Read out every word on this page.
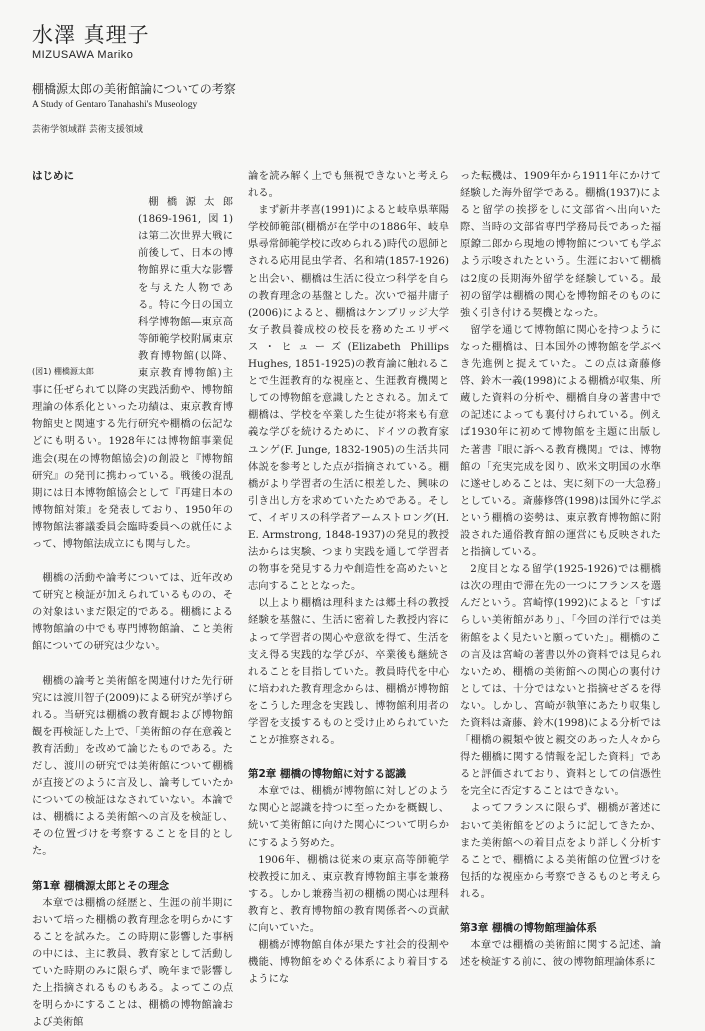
水澤 真理子

MIZUSAWA Mariko

棚橋源太郎の美術館論についての考察

A Study of Gentaro Tanahashi's Museology

芸術学領域群 芸術支援領域

はじめに
(図1) 棚橋源太郎

棚橋源太郎(1869-1961, 図1)は第二次世界大戦に前後して、日本の博物館界に重大な影響を与えた人物である。特に今日の国立科学博物館―東京高等師範学校附属東京教育博物館(以降、東京教育博物館)主事に任ぜられて以降の実践活動や、博物館理論の体系化といった功績は、東京教育博物館史と関連する先行研究や棚橋の伝記などにも明るい。1928年には博物館事業促進会(現在の博物館協会)の創設と『博物館研究』の発刊に携わっている。戦後の混乱期には日本博物館協会として『再建日本の博物館対策』を発表しており、1950年の博物館法審議委員会臨時委員への就任によって、博物館法成立にも関与した。

棚橋の活動や論考については、近年改めて研究と検証が加えられているものの、その対象はいまだ限定的である。棚橋による博物館論の中でも専門博物館論、こと美術館についての研究は少ない。

棚橋の論考と美術館を関連付けた先行研究には渡川智子(2009)による研究が挙げられる。当研究は棚橋の教育観および博物館観を再検証した上で、「美術館の存在意義と教育活動」を改めて論じたものである。ただし、渡川の研究では美術館について棚橋が直接どのように言及し、論考していたかについての検証はなされていない。本論では、棚橋による美術館への言及を検証し、その位置づけを考察することを目的とした。

第1章 棚橋源太郎とその理念

本章では棚橋の経歴と、生涯の前半期において培った棚橋の教育理念を明らかにすることを試みた。この時期に影響した事柄の中には、主に教員、教育家として活動していた時期のみに限らず、晩年まで影響した上指摘されるものもある。よってこの点を明らかにすることは、棚橋の博物館論および美術館

論を読み解く上でも無視できないと考えられる。

まず新井孝喜(1991)によると岐阜県華陽学校師範部(棚橋が在学中の1886年、岐阜県尋常師範学校に改められる)時代の恩師とされる応用昆虫学者、名和靖(1857-1926)と出会い、棚橋は生活に役立つ科学を自らの教育理念の基盤とした。次いで福井庸子(2006)によると、棚橋はケンブリッジ大学女子教員養成校の校長を務めたエリザベス・ヒューズ(Elizabeth Phillips Hughes, 1851-1925)の教育論に触れることで生涯教育的な視座と、生涯教育機関としての博物館を意識したとされる。加えて棚橋は、学校を卒業した生徒が将来も有意義な学びを続けるために、ドイツの教育家ユンゲ(F. Junge, 1832-1905)の生活共同体説を参考とした点が指摘されている。棚橋がより学習者の生活に根差した、興味の引き出し方を求めていたためである。そして、イギリスの科学者アームストロング(H. E. Armstrong, 1848-1937)の発見的教授法からは実験、つまり実践を通して学習者の物事を発見する力や創造性を高めたいと志向することとなった。

以上より棚橋は理科または郷土科の教授経験を基盤に、生活に密着した教授内容によって学習者の関心や意欲を得て、生活を支え得る実践的な学びが、卒業後も継続されることを目指していた。教員時代を中心に培われた教育理念からは、棚橋が博物館をこうした理念を実践し、博物館利用者の学習を支援するものと受け止められていたことが推察される。

第2章 棚橋の博物館に対する認識

本章では、棚橋が博物館に対しどのような関心と認識を持つに至ったかを概観し、続いて美術館に向けた関心について明らかにするよう努めた。

1906年、棚橋は従来の東京高等師範学校教授に加え、東京教育博物館主事を兼務する。しかし兼務当初の棚橋の関心は理科教育と、教育博物館の教育関係者への貢献に向いていた。

棚橋が博物館自体が果たす社会的役割や機能、博物館をめぐる体系により着目するようにな

った転機は、1909年から1911年にかけて経験した海外留学である。棚橋(1937)によると留学の挨拶をしに文部省へ出向いた際、当時の文部省専門学務局長であった福原鐐二郎から現地の博物館についても学ぶよう示唆されたという。生涯において棚橋は2度の長期海外留学を経験している。最初の留学は棚橋の関心を博物館そのものに強く引き付ける契機となった。

留学を通じて博物館に関心を持つようになった棚橋は、日本国外の博物館を学ぶべき先進例と捉えていた。この点は斎藤修啓、鈴木一義(1998)による棚橋が収集、所蔵した資料の分析や、棚橋自身の著書中での記述によっても裏付けられている。例えば1930年に初めて博物館を主題に出版した著書『眼に訴へる教育機関』では、博物館の「充実完成を図り、欧米文明国の水準に遂せしめることは、実に刻下の一大急務」としている。斎藤修啓(1998)は国外に学ぶという棚橋の姿勢は、東京教育博物館に附設された通俗教育館の運営にも反映されたと指摘している。

2度目となる留学(1925-1926)では棚橋は次の理由で滞在先の一つにフランスを選んだという。宮崎惇(1992)によると「すばらしい美術館があり」、「今回の洋行では美術館をよく見たいと願っていた」。棚橋のこの言及は宮崎の著書以外の資料では見られないため、棚橋の美術館への関心の裏付けとしては、十分ではないと指摘せざるを得ない。しかし、宮崎が執筆にあたり収集した資料は斎藤、鈴木(1998)による分析では「棚橋の親類や彼と親交のあった人々から得た棚橋に関する情報を記した資料」であると評価されており、資料としての信憑性を完全に否定することはできない。

よってフランスに限らず、棚橋が著述において美術館をどのように記してきたか、また美術館への着目点をより詳しく分析することで、棚橋による美術館の位置づけを包括的な視座から考察できるものと考えられる。

第3章 棚橋の博物館理論体系

本章では棚橋の美術館に関する記述、論述を検証する前に、彼の博物館理論体系に
